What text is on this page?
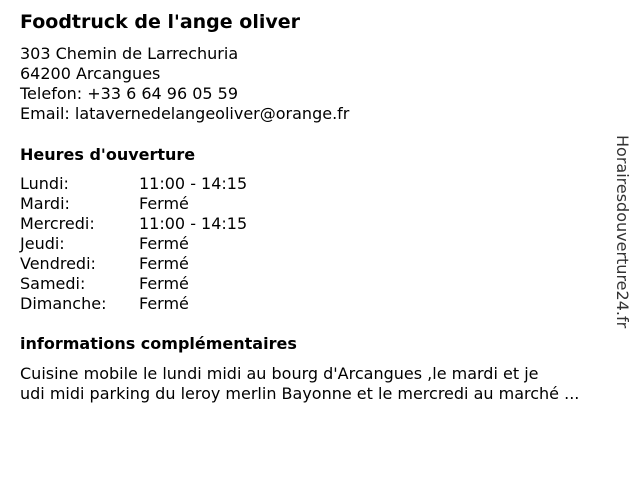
Foodtruck de l'ange oliver
303 Chemin de Larrechuria
64200 Arcangues
Telefon: +33 6 64 96 05 59
Email: latavernedelangeoliver@orange.fr
Heures d'ouverture
Lundi:	11:00 - 14:15
Mardi:	Fermé
Mercredi:	11:00 - 14:15
Jeudi:	Fermé
Vendredi:	Fermé
Samedi:	Fermé
Dimanche: Fermé
informations complémentaires
Cuisine mobile le lundi midi au bourg d'Arcangues ,le mardi et je
udi midi parking du leroy merlin Bayonne et le mercredi au marché ...
Horairesdouverture24.fr
